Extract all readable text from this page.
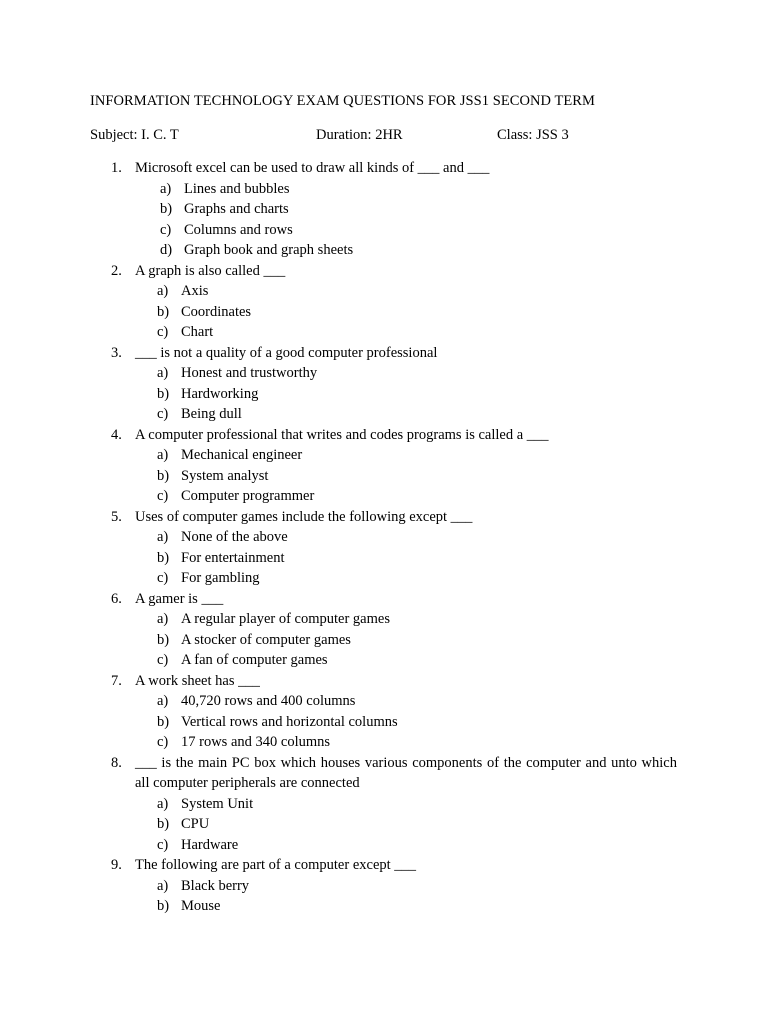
INFORMATION TECHNOLOGY EXAM QUESTIONS FOR JSS1 SECOND TERM
Subject: I. C. T	Duration: 2HR	Class: JSS 3
1. Microsoft excel can be used to draw all kinds of ___ and ___
a) Lines and bubbles
b) Graphs and charts
c) Columns and rows
d) Graph book and graph sheets
2. A graph is also called ___
a) Axis
b) Coordinates
c) Chart
3. ___ is not a quality of a good computer professional
a) Honest and trustworthy
b) Hardworking
c) Being dull
4. A computer professional that writes and codes programs is called a ___
a) Mechanical engineer
b) System analyst
c) Computer programmer
5. Uses of computer games include the following except ___
a) None of the above
b) For entertainment
c) For gambling
6. A gamer is ___
a) A regular player of computer games
b) A stocker of computer games
c) A fan of computer games
7. A work sheet has ___
a) 40,720 rows and 400 columns
b) Vertical rows and horizontal columns
c) 17 rows and 340 columns
8. ___ is the main PC box which houses various components of the computer and unto which all computer peripherals are connected
a) System Unit
b) CPU
c) Hardware
9. The following are part of a computer except ___
a) Black berry
b) Mouse
